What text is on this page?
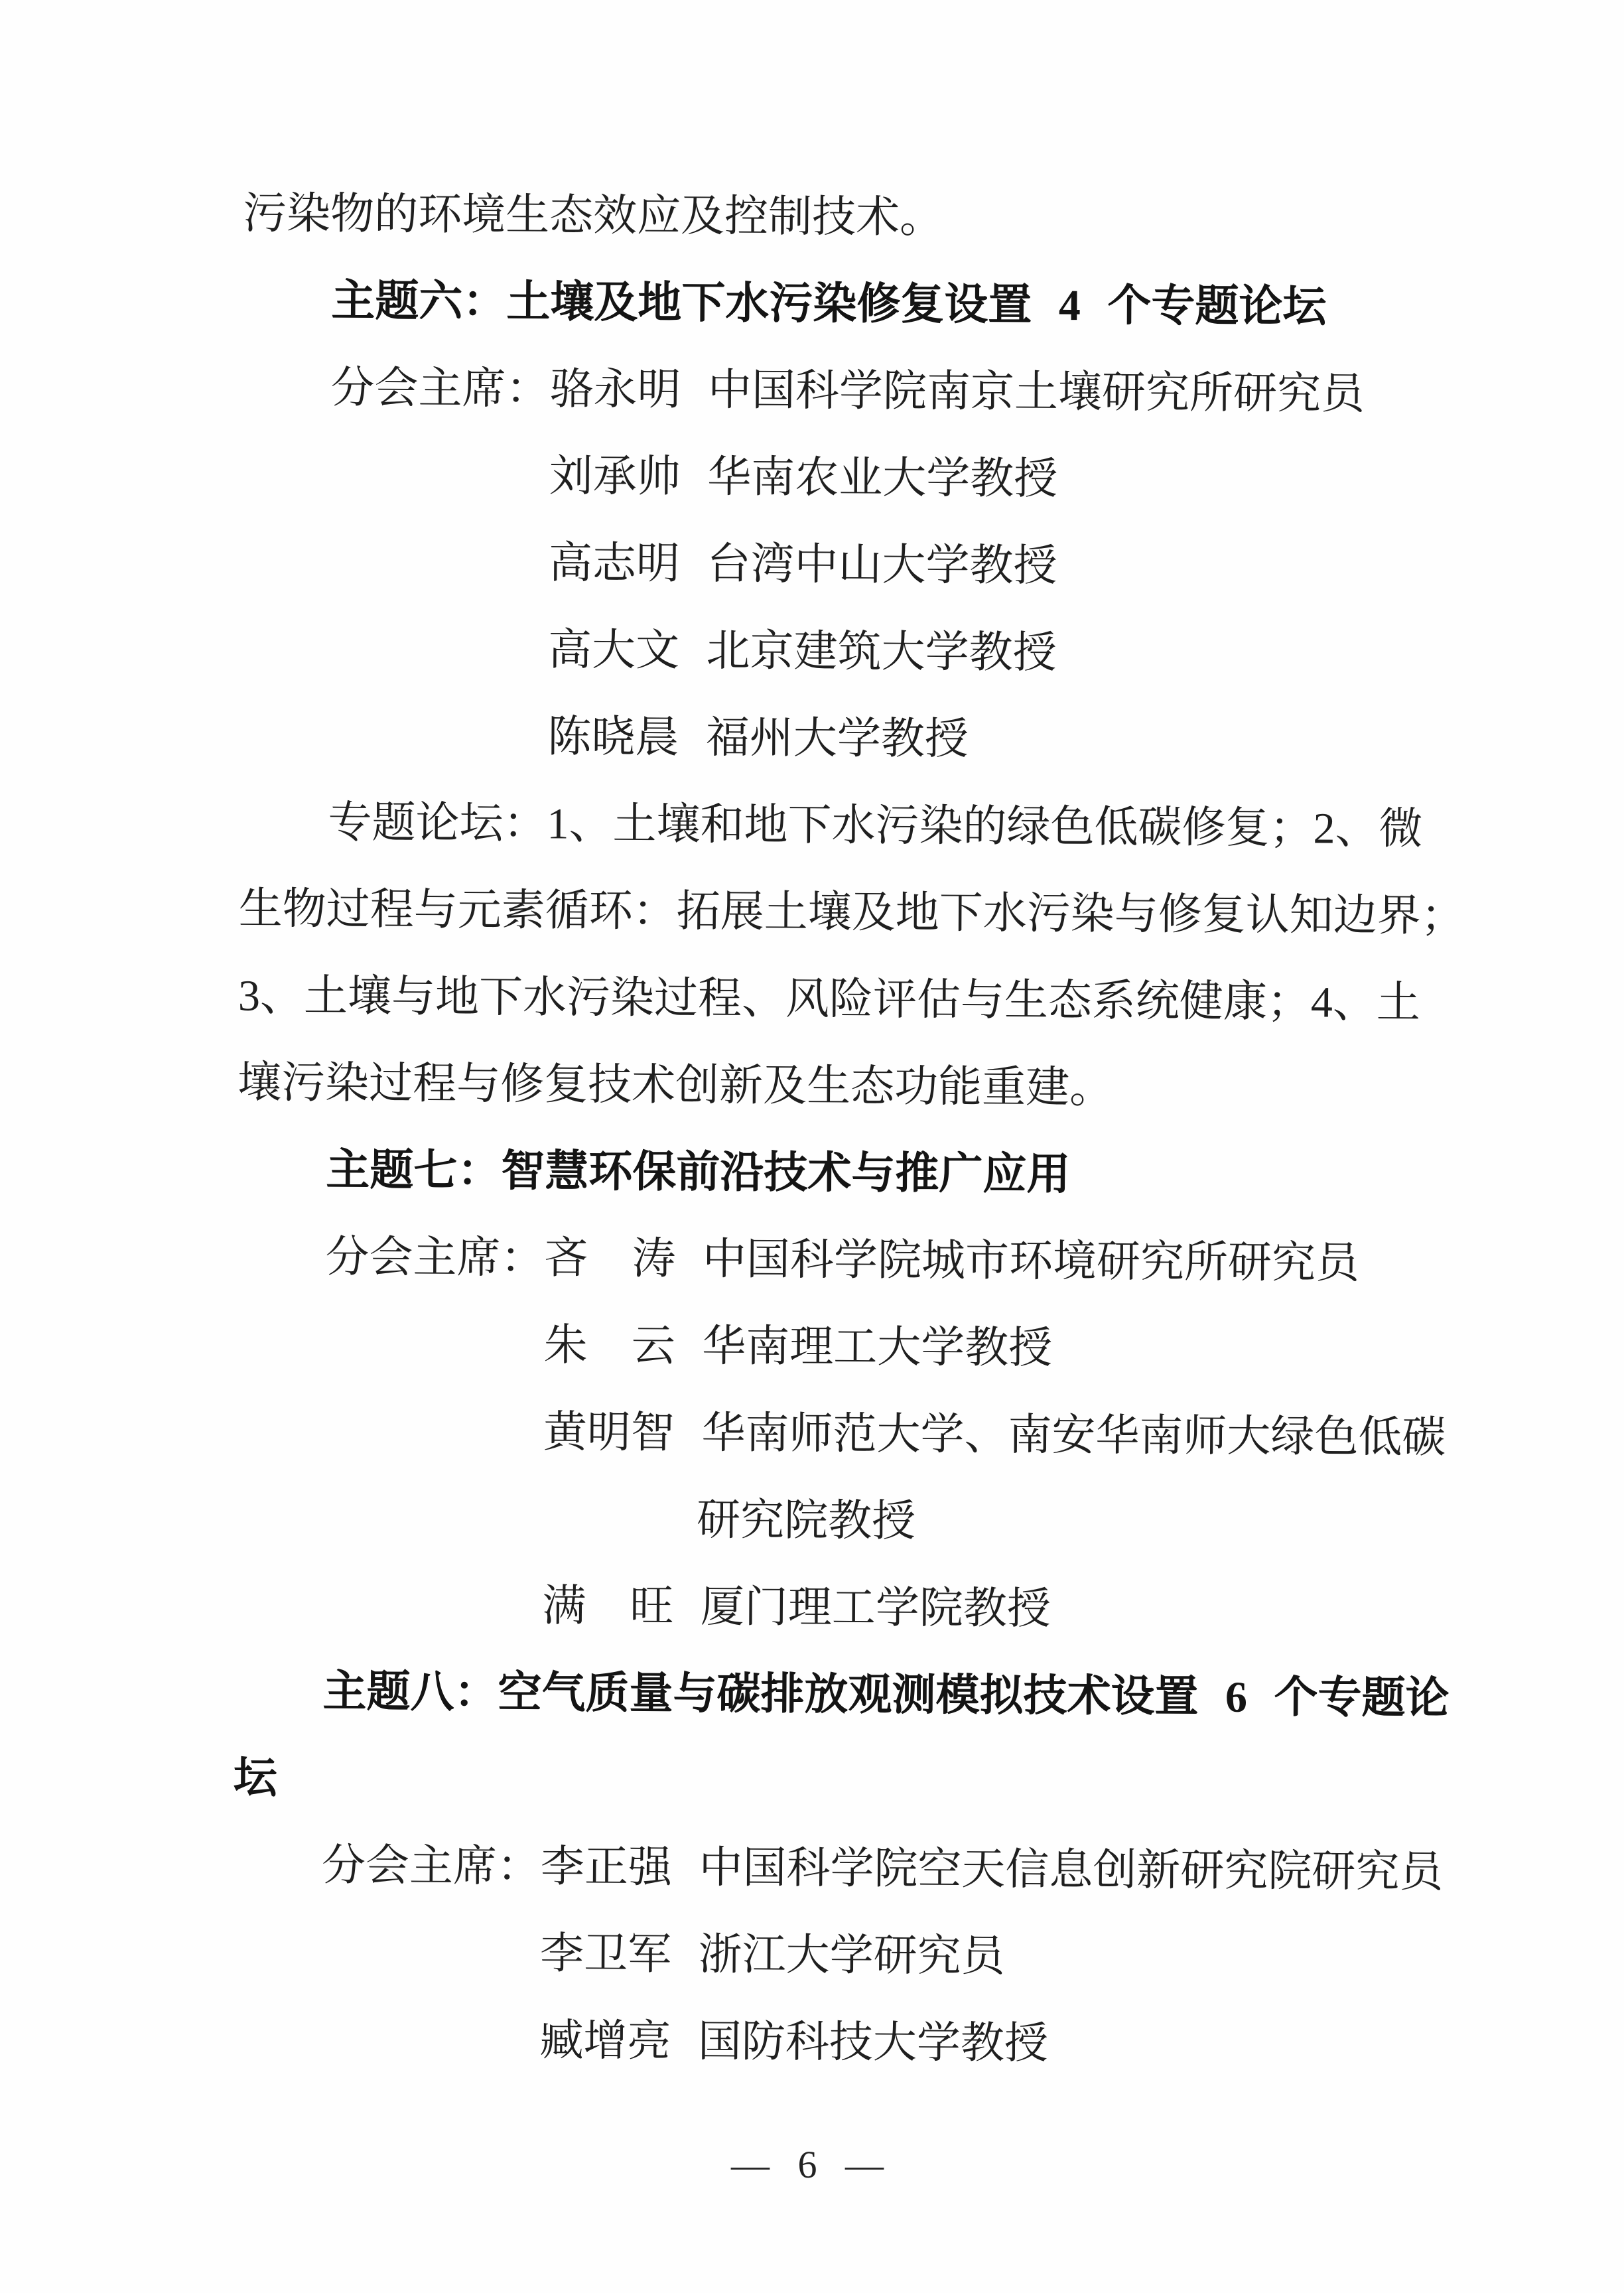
污染物的环境生态效应及控制技术。
主题六：土壤及地下水污染修复设置 4 个专题论坛
分会主席：骆永明 中国科学院南京土壤研究所研究员
刘承帅 华南农业大学教授
高志明 台湾中山大学教授
高大文 北京建筑大学教授
陈晓晨 福州大学教授
专题论坛：1、土壤和地下水污染的绿色低碳修复；2、微
生物过程与元素循环：拓展土壤及地下水污染与修复认知边界；
3、土壤与地下水污染过程、风险评估与生态系统健康；4、土
壤污染过程与修复技术创新及生态功能重建。
主题七：智慧环保前沿技术与推广应用
分会主席：吝　涛 中国科学院城市环境研究所研究员
朱　云 华南理工大学教授
黄明智 华南师范大学、南安华南师大绿色低碳
研究院教授
满　旺 厦门理工学院教授
主题八：空气质量与碳排放观测模拟技术设置 6 个专题论
坛
分会主席：李正强 中国科学院空天信息创新研究院研究员
李卫军 浙江大学研究员
臧增亮 国防科技大学教授
— 6 —
